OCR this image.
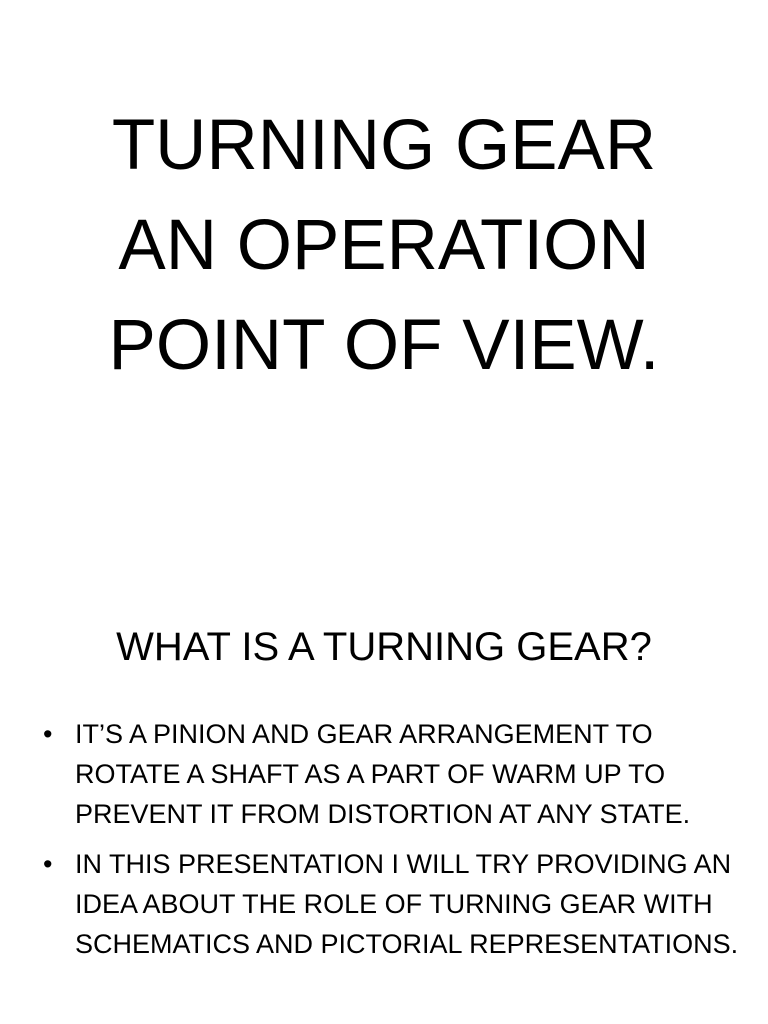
TURNING GEAR
AN OPERATION
POINT OF VIEW.
WHAT IS A TURNING GEAR?
• IT’S A PINION AND GEAR ARRANGEMENT TO ROTATE A SHAFT AS A PART OF WARM UP TO PREVENT IT FROM DISTORTION AT ANY STATE.
• IN THIS PRESENTATION I WILL TRY PROVIDING AN IDEA ABOUT THE ROLE OF TURNING GEAR WITH SCHEMATICS AND PICTORIAL REPRESENTATIONS.
